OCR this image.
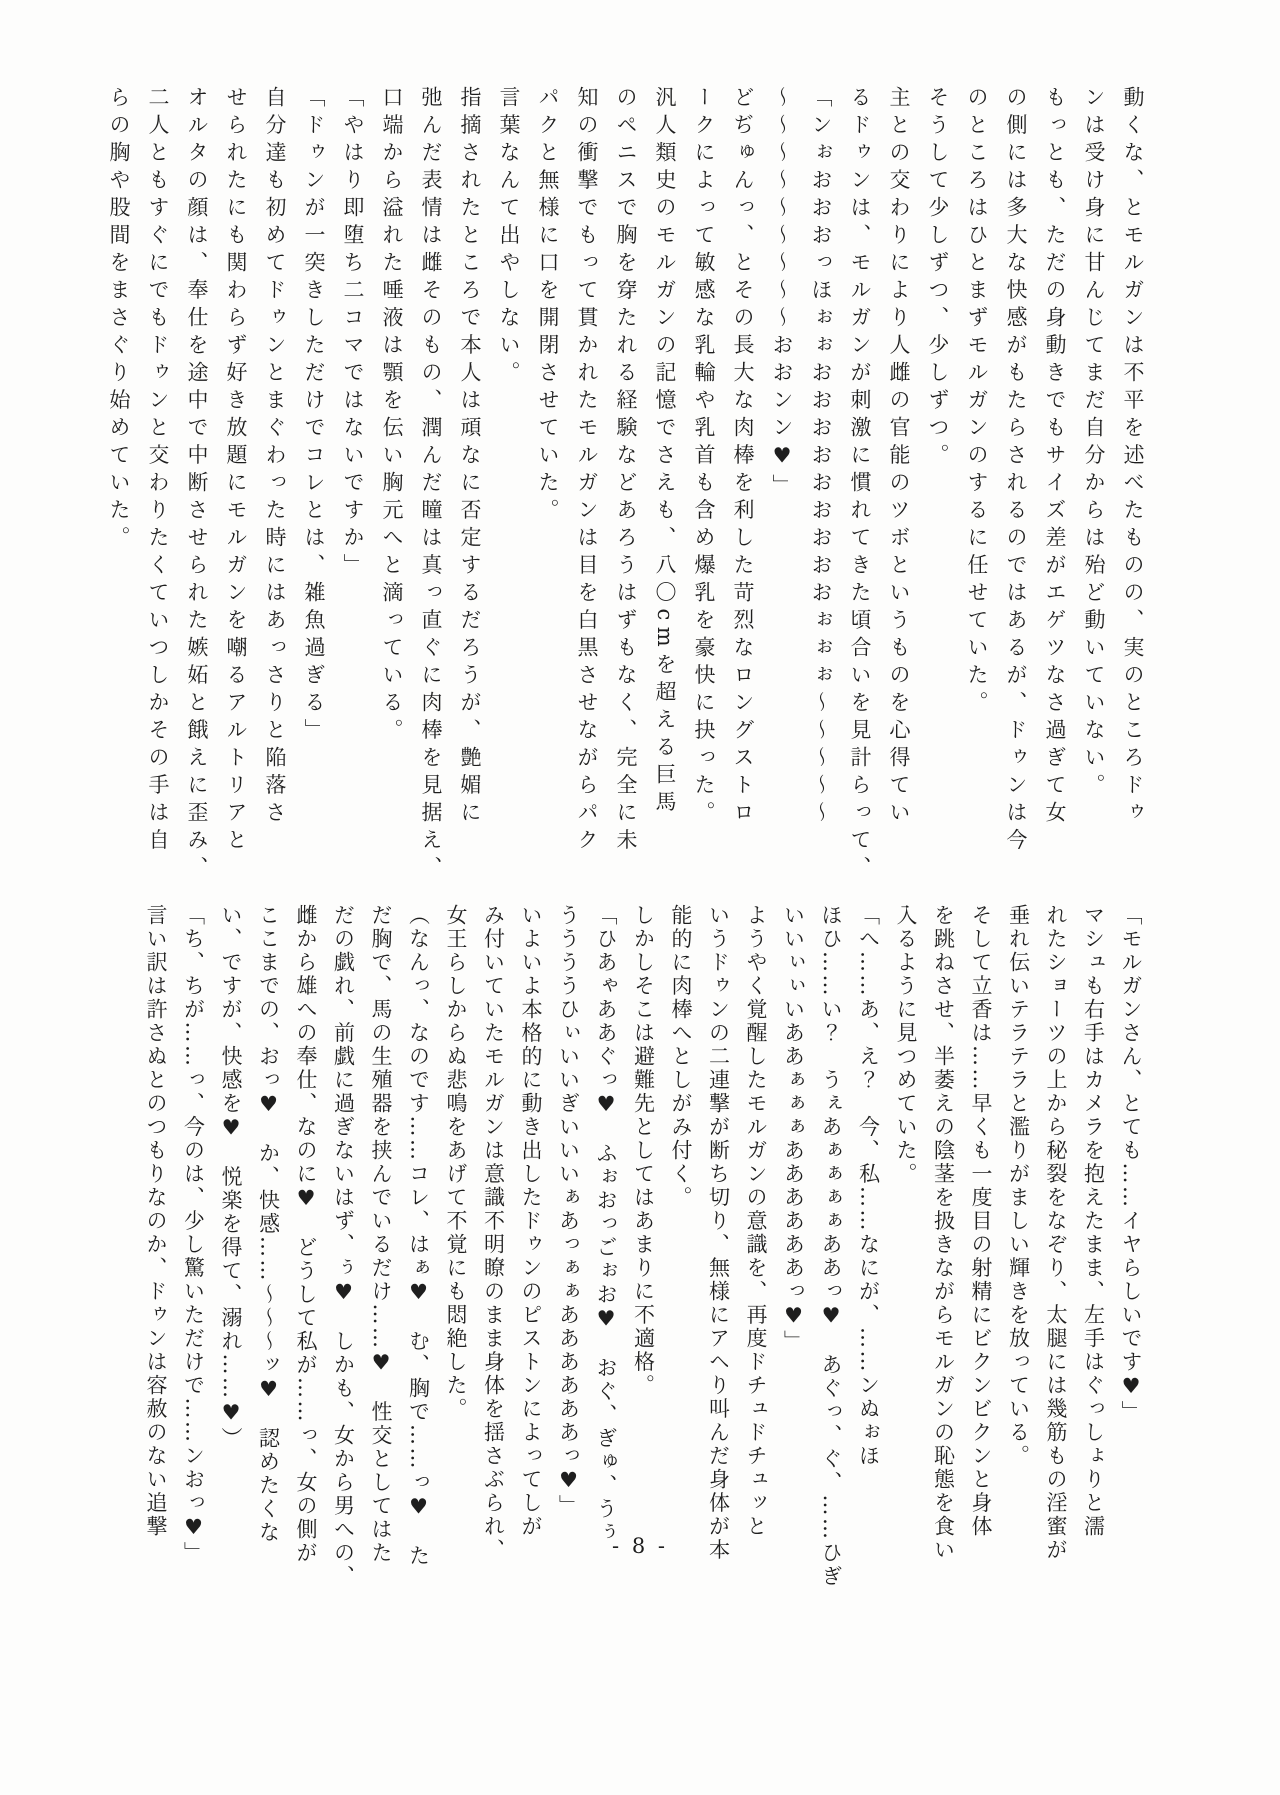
動くな、とモルガンは不平を述べたものの、実のところドゥ
ンは受け身に甘んじてまだ自分からは殆ど動いていない。
もっとも、ただの身動きでもサイズ差がエゲツなさ過ぎて女
の側には多大な快感がもたらされるのではあるが、ドゥンは今
のところはひとまずモルガンのするに任せていた。
そうして少しずつ、少しずつ。
主との交わりにより人雌の官能のツボというものを心得てい
るドゥンは、モルガンが刺激に慣れてきた頃合いを見計らって、
「ンぉおおおっほぉぉおおおおおおおおおぉぉぉ〜〜〜〜〜
〜〜〜〜〜〜〜〜〜おおンン♥」
どぢゅんっ、とその長大な肉棒を利した苛烈なロングストロ
ークによって敏感な乳輪や乳首も含め爆乳を豪快に抉った。
汎人類史のモルガンの記憶でさえも、八〇cmを超える巨馬
のペニスで胸を穿たれる経験などあろうはずもなく、完全に未
知の衝撃でもって貫かれたモルガンは目を白黒させながらパク
パクと無様に口を開閉させていた。
言葉なんて出やしない。
指摘されたところで本人は頑なに否定するだろうが、艶媚に
弛んだ表情は雌そのもの、潤んだ瞳は真っ直ぐに肉棒を見据え、
口端から溢れた唾液は顎を伝い胸元へと滴っている。
「やはり即堕ち二コマではないですか」
「ドゥンが一突きしただけでコレとは、雑魚過ぎる」
自分達も初めてドゥンとまぐわった時にはあっさりと陥落さ
せられたにも関わらず好き放題にモルガンを嘲るアルトリアと
オルタの顔は、奉仕を途中で中断させられた嫉妬と餓えに歪み、
二人ともすぐにでもドゥンと交わりたくていつしかその手は自
らの胸や股間をまさぐり始めていた。
「モルガンさん、とても……イヤらしいです♥」
マシュも右手はカメラを抱えたまま、左手はぐっしょりと濡
れたショーツの上から秘裂をなぞり、太腿には幾筋もの淫蜜が
垂れ伝いテラテラと濫りがましい輝きを放っている。
そして立香は……早くも一度目の射精にビクンビクンと身体
を跳ねさせ、半萎えの陰茎を扱きながらモルガンの恥態を食い
入るように見つめていた。
「へ……あ、え？　今、私……なにが、……ンぬぉほ
ほひ……い？　うぇあぁぁぁぁああっ♥　あぐっ、ぐ、……ひぎ
いいぃぃいああぁぁぁああああああっ♥」
ようやく覚醒したモルガンの意識を、再度ドチュドチュッと
いうドゥンの二連撃が断ち切り、無様にアヘり叫んだ身体が本
能的に肉棒へとしがみ付く。
しかしそこは避難先としてはあまりに不適格。
「ひあゃああぐっ♥　ふぉおっごぉお♥　おぐ、ぎゅ、うぅ
ううううひぃいいぎいいいぁあっぁぁああああああっ♥」
いよいよ本格的に動き出したドゥンのピストンによってしが
み付いていたモルガンは意識不明瞭のまま身体を揺さぶられ、
女王らしからぬ悲鳴をあげて不覚にも悶絶した。
（なんっ、なのです……コレ、はぁ♥　む、胸で……っ♥　た
だ胸で、馬の生殖器を挟んでいるだけ……♥　性交としてはた
だの戯れ、前戯に過ぎないはず、ぅ♥　しかも、女から男への、
雌から雄への奉仕、なのに♥　どうして私が……っ、女の側が
ここまでの、おっ♥　か、快感……〜〜〜ッ♥　認めたくな
い、ですが、快感を♥　悦楽を得て、溺れ……♥）
「ち、ちが……っ、今のは、少し驚いただけで……ンおっ♥」
言い訳は許さぬとのつもりなのか、ドゥンは容赦のない追撃
- 8 -
